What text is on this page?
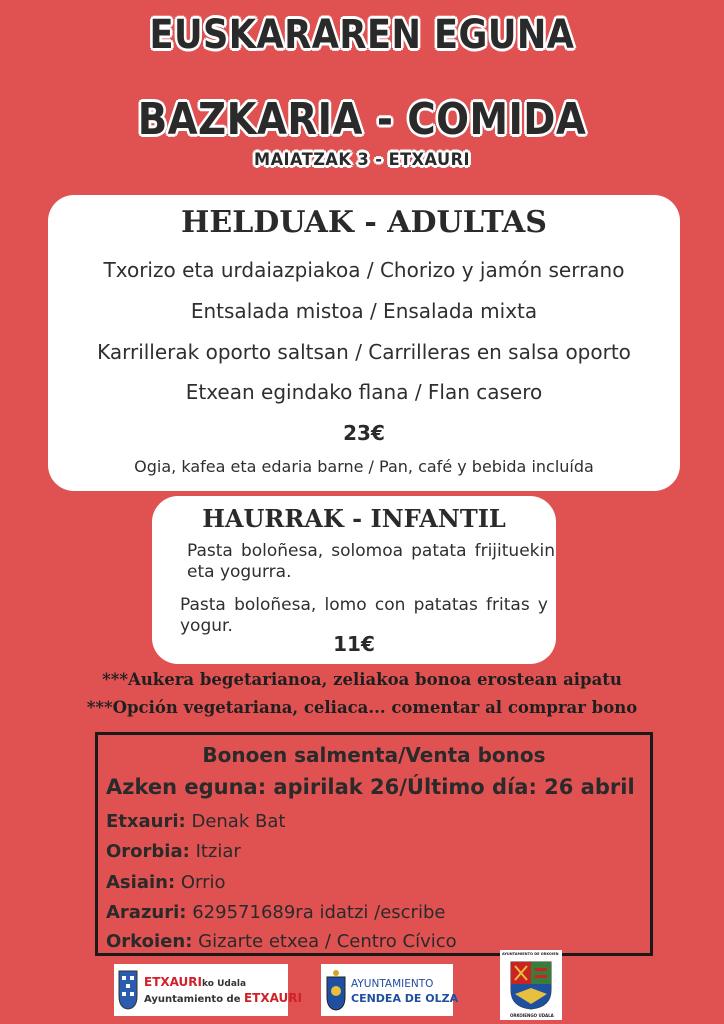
EUSKARAREN EGUNA
BAZKARIA - COMIDA
MAIATZAK 3 - ETXAURI
HELDUAK - ADULTAS
Txorizo eta urdaiazpiakoa / Chorizo y jamón serrano
Entsalada mistoa / Ensalada mixta
Karrillerak oporto saltsan / Carrilleras en salsa oporto
Etxean egindako flana / Flan casero
23€
Ogia, kafea eta edaria barne / Pan, café y bebida incluída
HAURRAK - INFANTIL
Pasta boloñesa, solomoa patata frijituekin eta yogurra.
Pasta boloñesa, lomo con patatas fritas y yogur.
11€
***Aukera begetarianoa, zeliakoa bonoa erostean aipatu
***Opción vegetariana, celiaca... comentar al comprar bono
Bonoen salmenta/Venta bonos
Azken eguna: apirilak 26/Último día: 26 abril
Etxauri: Denak Bat
Ororbia: Itziar
Asiain: Orrio
Arazuri: 629571689ra idatzi /escribe
Orkoien: Gizarte etxea / Centro Cívico
ETXAURIko Udala
Ayuntamiento de ETXAURI
AYUNTAMIENTO
CENDEA DE OLZA
AYUNTAMIENTO DE ORKOIEN
ORKOIENGO UDALA
